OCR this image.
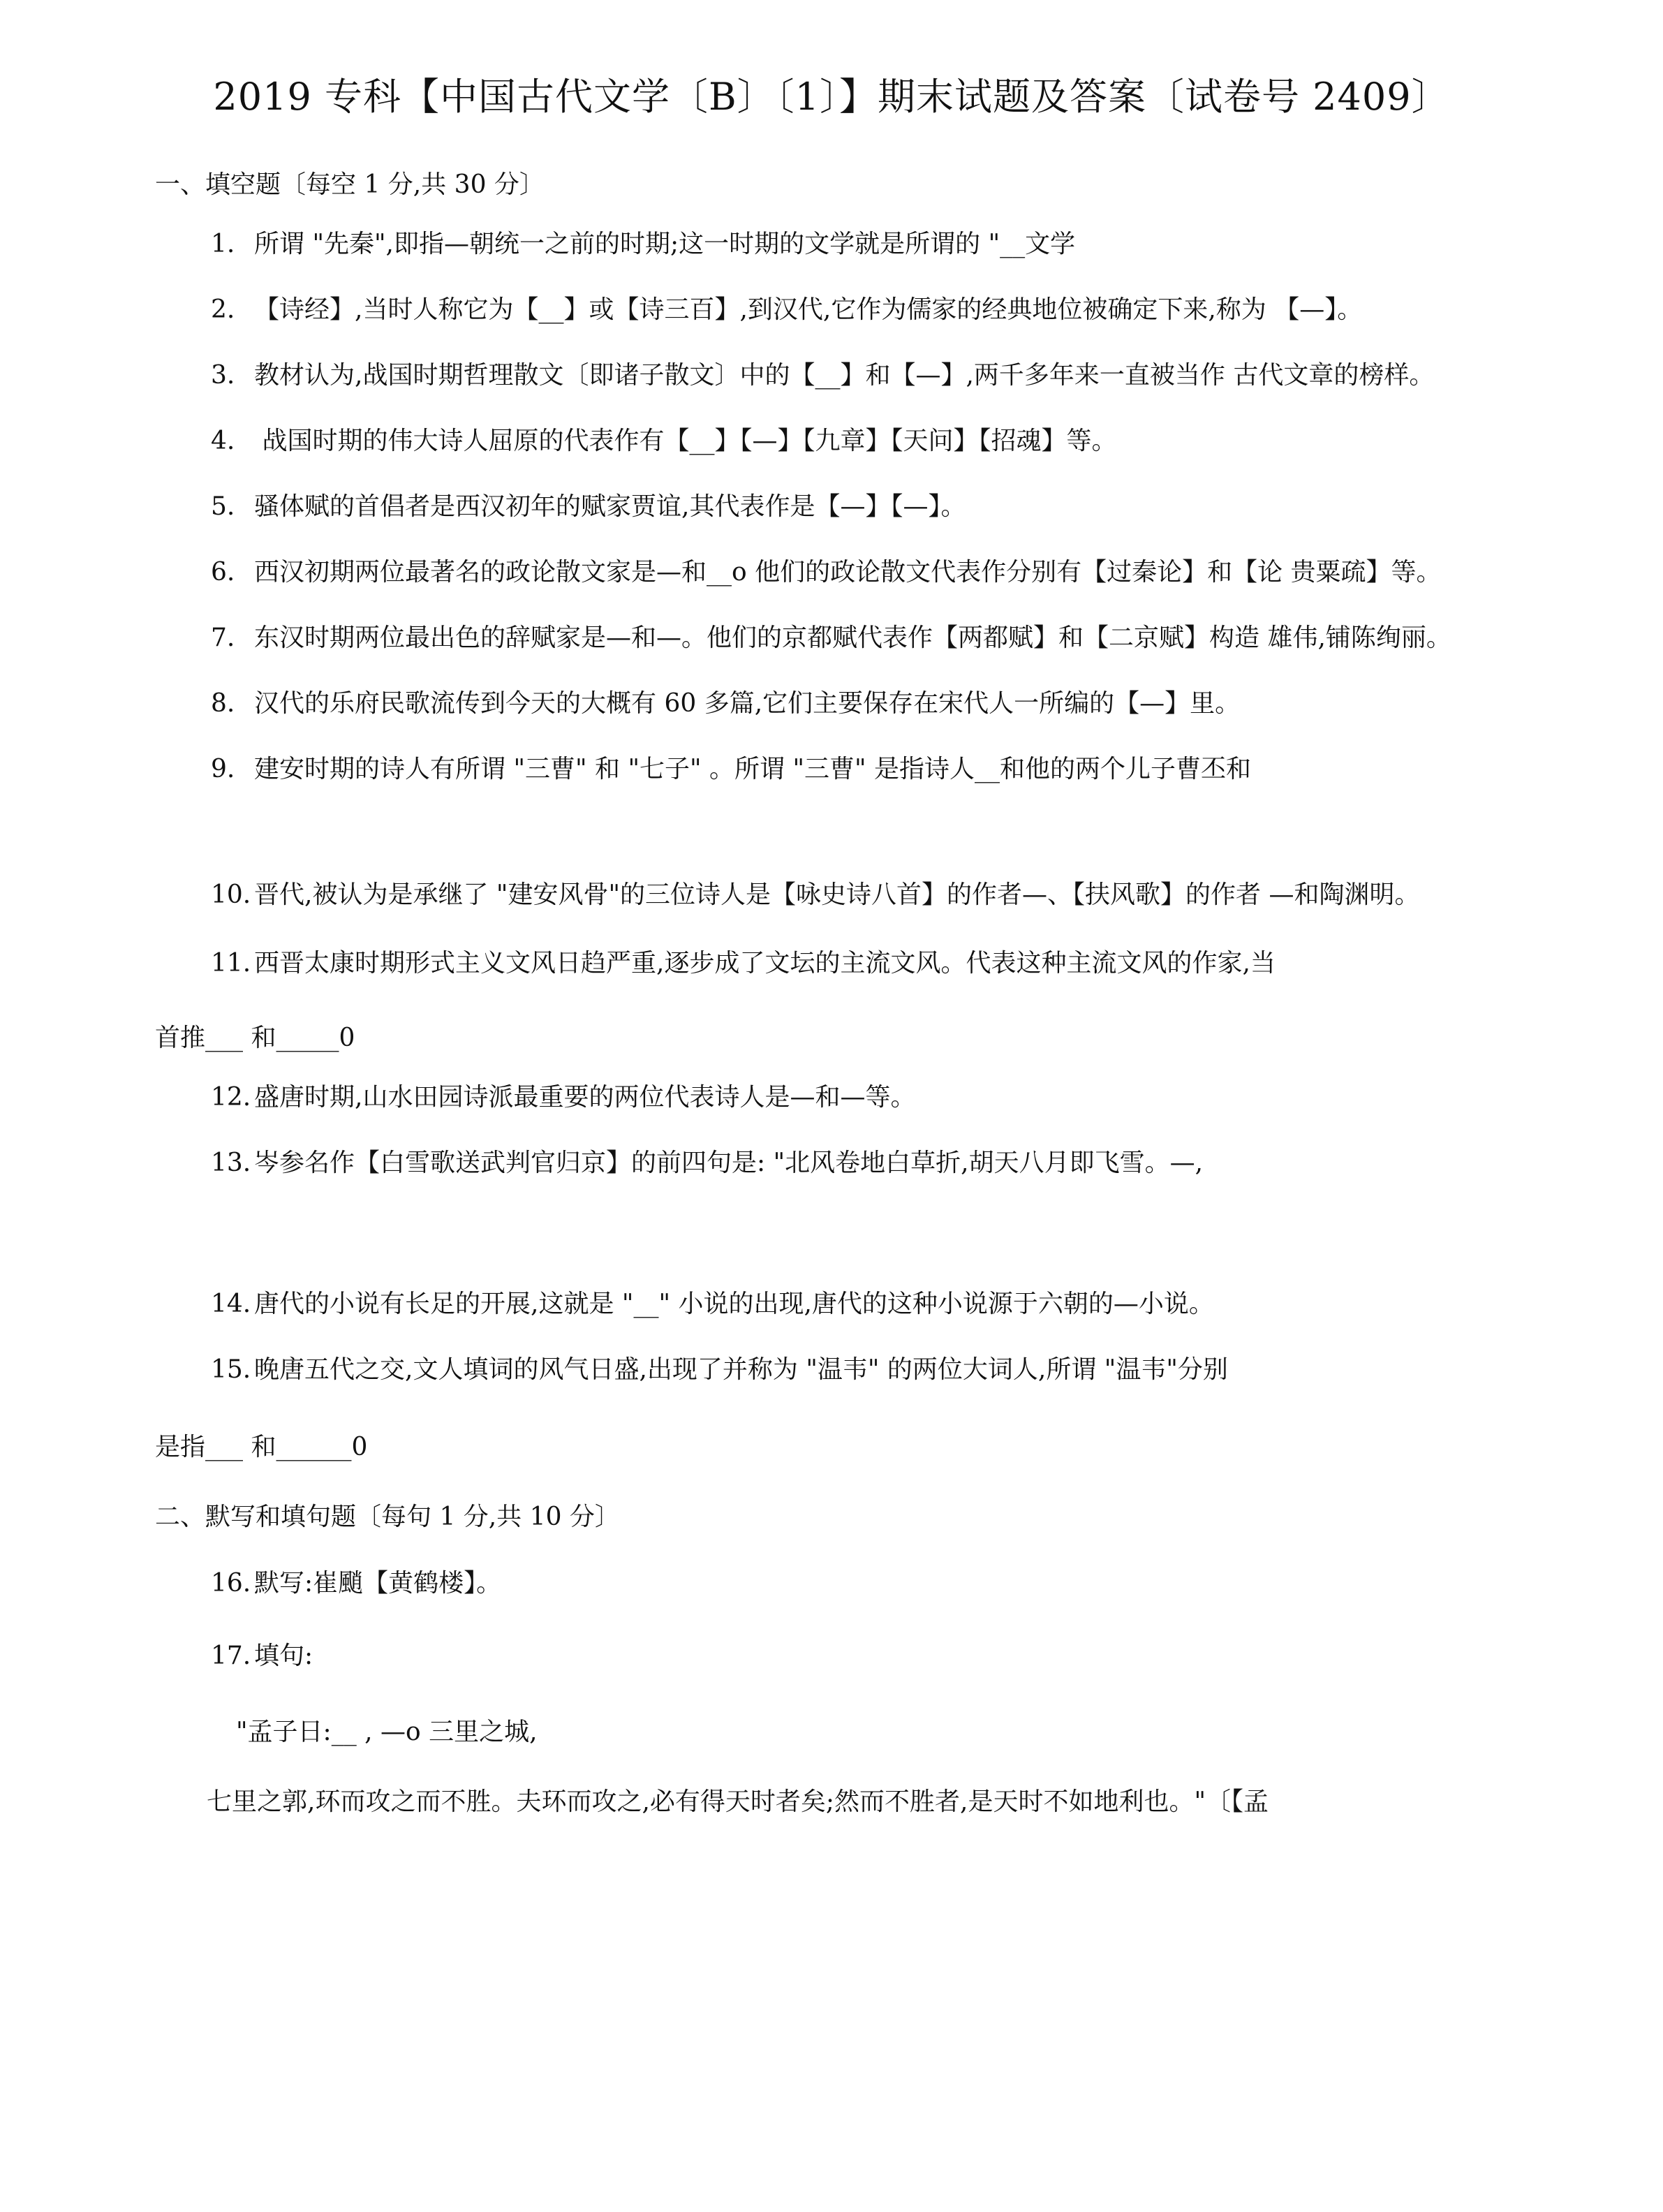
2019 专科【中国古代文学〔B〕〔1〕】期末试题及答案〔试卷号 2409〕
一、填空题〔每空 1 分,共 30 分〕
1. 所谓 "先秦",即指—朝统一之前的时期;这一时期的文学就是所谓的 "__文学
2. 【诗经】,当时人称它为【__】或【诗三百】,到汉代,它作为儒家的经典地位被确定下来,称为 【—】。
3. 教材认为,战国时期哲理散文〔即诸子散文〕中的【__】和【—】,两千多年来一直被当作 古代文章的榜样。
4. 战国时期的伟大诗人屈原的代表作有【__】【—】【九章】【天问】【招魂】等。
5. 骚体赋的首倡者是西汉初年的赋家贾谊,其代表作是【—】【—】。
6. 西汉初期两位最著名的政论散文家是—和__o 他们的政论散文代表作分别有【过秦论】和【论 贵粟疏】等。
7. 东汉时期两位最出色的辞赋家是—和—。他们的京都赋代表作【两都赋】和【二京赋】构造 雄伟,铺陈绚丽。
8. 汉代的乐府民歌流传到今天的大概有 60 多篇,它们主要保存在宋代人一所编的【—】里。
9. 建安时期的诗人有所谓 "三曹" 和 "七子" 。所谓 "三曹" 是指诗人__和他的两个儿子曹丕和
10. 晋代,被认为是承继了 "建安风骨"的三位诗人是【咏史诗八首】的作者—、【扶风歌】的作者 —和陶渊明。
11. 西晋太康时期形式主义文风日趋严重,逐步成了文坛的主流文风。代表这种主流文风的作家,当
首推___ 和_____0
12. 盛唐时期,山水田园诗派最重要的两位代表诗人是—和—等。
13. 岑参名作【白雪歌送武判官归京】的前四句是: "北风卷地白草折,胡天八月即飞雪。—,
14. 唐代的小说有长足的开展,这就是 "__" 小说的出现,唐代的这种小说源于六朝的—小说。
15. 晚唐五代之交,文人填词的风气日盛,出现了并称为 "温韦" 的两位大词人,所谓 "温韦"分别
是指___ 和______0
二、默写和填句题〔每句 1 分,共 10 分〕
16. 默写:崔颵【黄鹤楼】。
17. 填句:
"孟子日:__ , —o 三里之城,
七里之郭,环而攻之而不胜。夫环而攻之,必有得天时者矣;然而不胜者,是天时不如地利也。"〔【孟
